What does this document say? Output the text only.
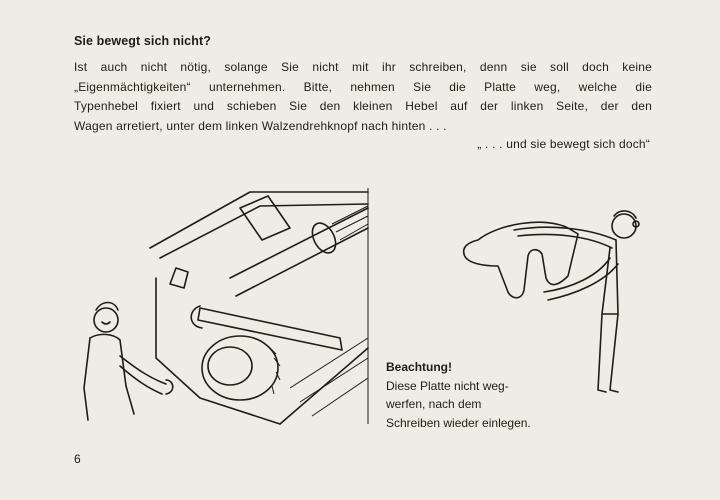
Sie bewegt sich nicht?
Ist auch nicht nötig, solange Sie nicht mit ihr schreiben, denn sie soll doch keine
„Eigenmächtigkeiten“ unternehmen. Bitte, nehmen Sie die Platte weg, welche die
Typenhebel fixiert und schieben Sie den kleinen Hebel auf der linken Seite, der den
Wagen arretiert, unter dem linken Walzendrehknopf nach hinten . . .
„ . . . und sie bewegt sich doch“
Beachtung!
Diese Platte nicht weg-
werfen, nach dem
Schreiben wieder einlegen.
6
